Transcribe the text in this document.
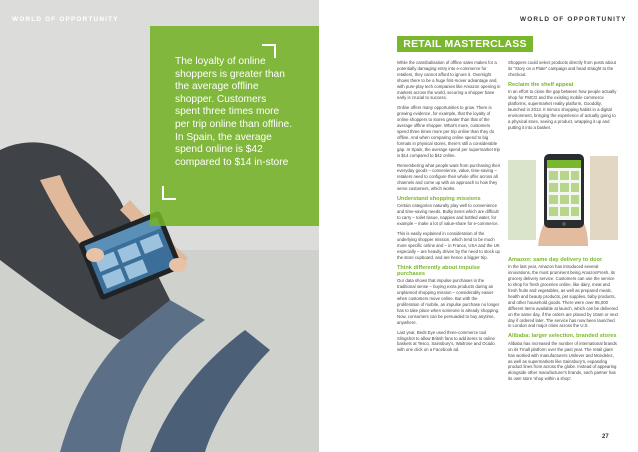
The loyalty of online shoppers is greater than the average offline shopper. Customers spent three times more per trip online than offline. In Spain, the average spend online is $42 compared to $14 in-store
WORLD OF OPPORTUNITY	WORLD OF OPPORTUNITY
RETAIL MASTERCLASS

While the cannibalisation of offline sales makes for a potentially damaging entry into e-commerce for retailers, they cannot afford to ignore it. Overnight shows there to be a huge first-mover advantage and, with pure-play tech companies like Amazon opening in markets across the world, securing a shopper base early is crucial to success.

Online offers many opportunities to grow. There is growing evidence, for example, that the loyalty of online shoppers to stores greater than that of the average offline shopper. What's more, customers spend three times more per trip online than they do offline. And when comparing online spend to big formats in physical stores, there's still a considerable gap. In Spain, the average spend per supermarket trip is $14 compared to $42 online.

Remembering what people want from purchasing their everyday goods – convenience, value, time-saving – retailers need to configure their whole offer across all channels and come up with an approach to how they serve customers, which works.

Understand shopping missions

Certain categories naturally play well to convenience and time-saving needs. Bulky items which are difficult to carry – toilet tissue, nappies and bottled water, for example – make a lot of value-share for e-commerce.

This is easily explained in consideration of the underlying shopper mission, which tend to be much more specific online and – in France, USA and the UK especially – are heavily driven by the need to stock up the store cupboard, and are hence a bigger trip.

Think differently about impulse purchases

Our data shows that impulse purchases in the traditional sense – buying extra products during an unplanned shopping mission – considerably easier when customers move online. But with the proliferation of mobile, an impulse purchase no longer has to take place when someone is already shopping. Now, consumers can be persuaded to buy anytime, anywhere.

Last year, Beds Eye used three-commerce tool Slingshot to allow British fans to add items to online baskets at Tesco, Sainsbury's, Waitrose and Ocado with one click on a Facebook ad.

Shoppers could select products directly from posts about its "Story on a Plate" campaign and head straight to the checkout.

Reclaim the shelf appeal

In an effort to close the gap between how people actually shop for FMCG and the existing mobile commerce platforms, supermarket reality platform, Gooddity, launched in 2013. It mimics shopping habits in a digital environment, bringing the experience of actually going to a physical store, seeing a product, wrapping it up and putting it into a basket.

Amazon: same day delivery to door

In the last year, Amazon has introduced several innovations, the most prominent being AmazonFresh, its grocery delivery service. Customers can use the service to shop for fresh groceries online, like dairy, meat and fresh fruits and vegetables, as well as prepared meals, health and beauty products, pet supplies, baby products, and other household goods. There were over 95,000 different items available at launch, which can be delivered on the same day, if the orders are placed by 10am or next day if ordered later. The service has now been launched in London and major cities across the U.S.

Alibaba: larger selection, branded stores

Alibaba has increased the number of international brands on its Tmall platform over the past year. The retail giant has worked with manufacturers Unilever and Mondelez, as well as supermarkets like Sainsbury's, expanding product lines from across the globe. Instead of appearing alongside other manufacturer's brands, each partner has its own store 'shop within a shop'.

27
